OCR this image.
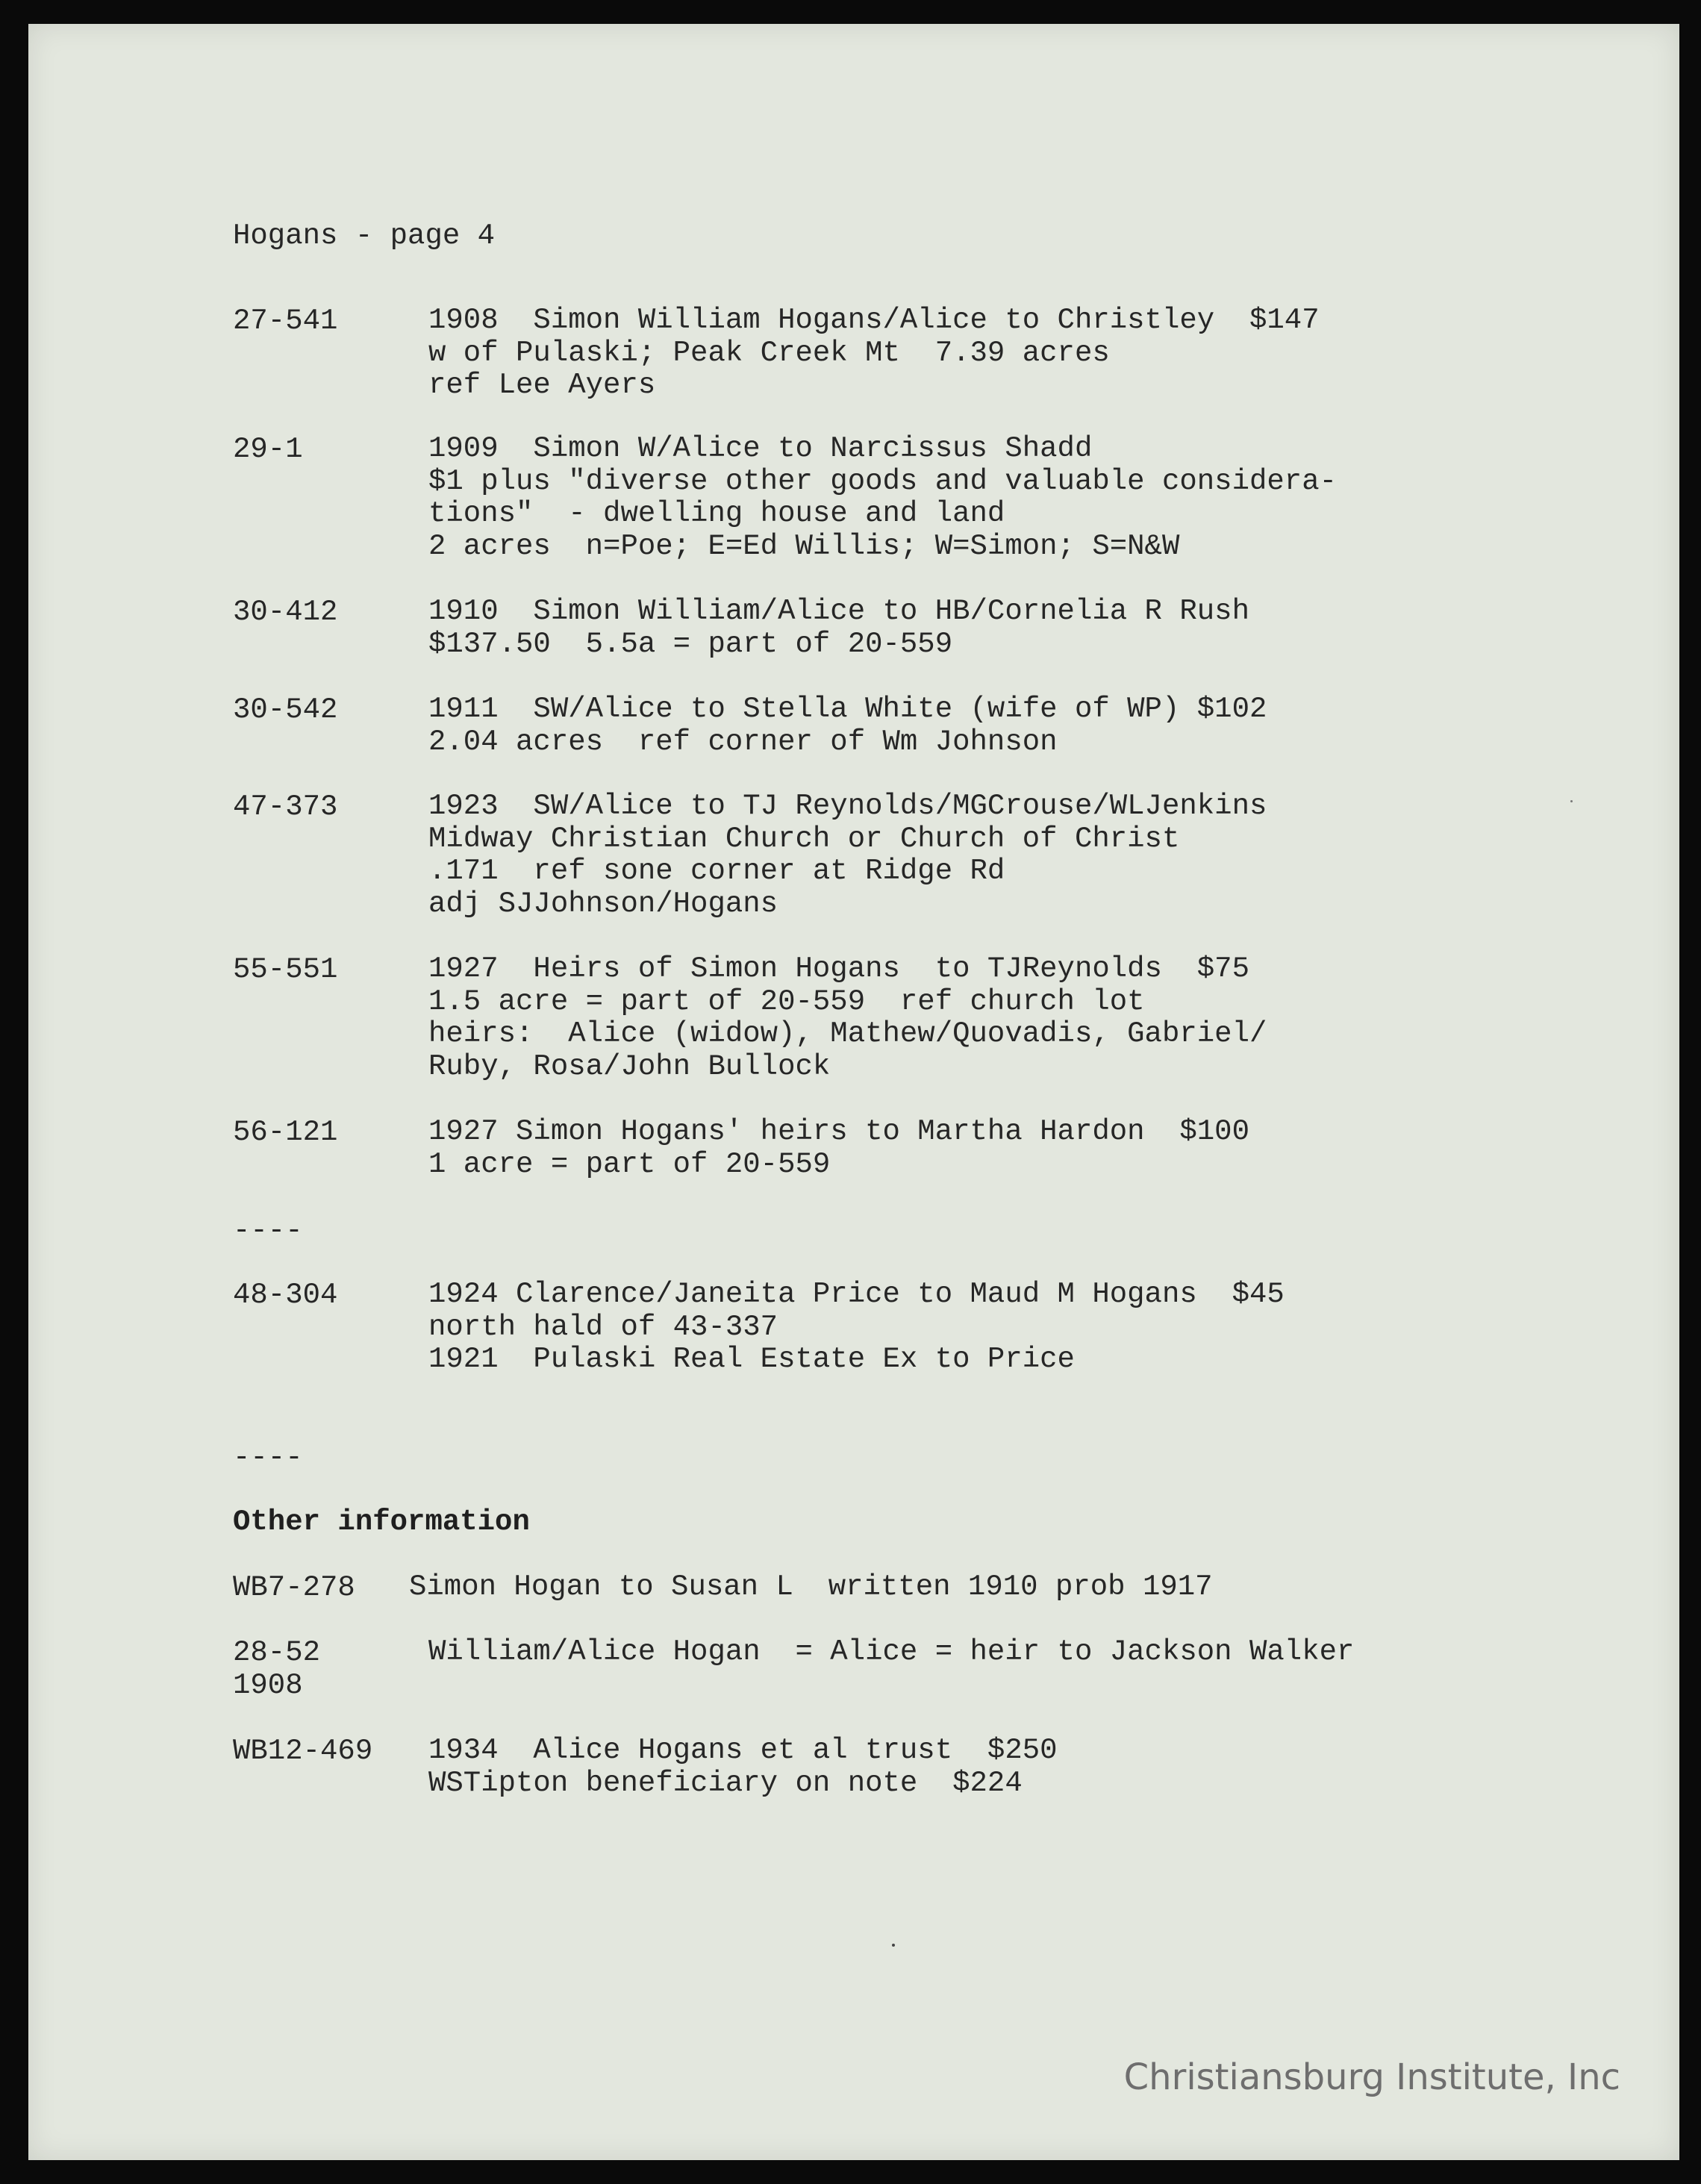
Hogans - page 4
27-541	1908  Simon William Hogans/Alice to Christley  $147
w of Pulaski; Peak Creek Mt  7.39 acres
ref Lee Ayers
29-1	1909  Simon W/Alice to Narcissus Shadd
$1 plus "diverse other goods and valuable considera-
tions"  - dwelling house and land
2 acres  n=Poe; E=Ed Willis; W=Simon; S=N&W
30-412	1910  Simon William/Alice to HB/Cornelia R Rush
$137.50  5.5a = part of 20-559
30-542	1911  SW/Alice to Stella White (wife of WP) $102
2.04 acres  ref corner of Wm Johnson
47-373	1923  SW/Alice to TJ Reynolds/MGCrouse/WLJenkins
Midway Christian Church or Church of Christ
.171  ref sone corner at Ridge Rd
adj SJJohnson/Hogans
55-551	1927  Heirs of Simon Hogans  to TJReynolds  $75
1.5 acre = part of 20-559  ref church lot
heirs:  Alice (widow), Mathew/Quovadis, Gabriel/
Ruby, Rosa/John Bullock
56-121	1927 Simon Hogans' heirs to Martha Hardon  $100
1 acre = part of 20-559
----
48-304	1924 Clarence/Janeita Price to Maud M Hogans  $45
north hald of 43-337
1921  Pulaski Real Estate Ex to Price
----
Other information
WB7-278 Simon Hogan to Susan L  written 1910 prob 1917
28-52	William/Alice Hogan  = Alice = heir to Jackson Walker
1908
WB12-469 1934  Alice Hogans et al trust  $250
WSTipton beneficiary on note  $224
Christiansburg Institute, Inc
